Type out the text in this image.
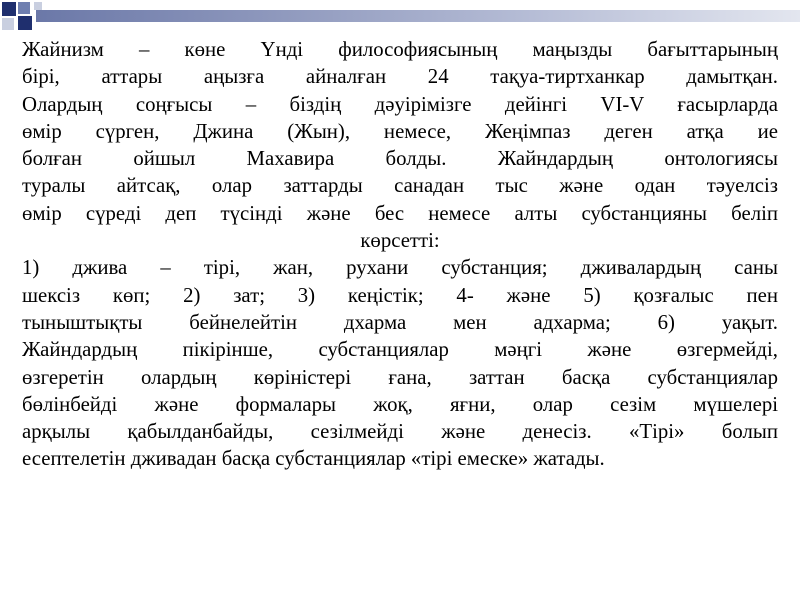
Жайнизм – көне Үнді философиясының маңызды бағыттарының
бірі, аттары аңызға айналған 24 тақуа-тиртханкар дамытқан.
Олардың соңғысы – біздің дәуірімізге дейінгі VI-V ғасырларда
өмір сүрген, Джина (Жын), немесе, Жеңімпаз деген атқа ие
болған ойшыл Махавира болды. Жайндардың онтологиясы
туралы айтсақ, олар заттарды санадан тыс және одан тәуелсіз
өмір сүреді деп түсінді және бес немесе алты субстанцияны беліп
көрсетті:
1) джива – тірі, жан, рухани субстанция; дживалардың саны
шексіз көп; 2) зат; 3) кеңістік; 4- және 5) қозғалыс пен
тыныштықты бейнелейтін дхарма мен адхарма; 6) уақыт.
Жайндардың пікірінше, субстанциялар мәңгі және өзгермейді,
өзгеретін олардың көріністері ғана, заттан басқа субстанциялар
бөлінбейді және формалары жоқ, яғни, олар сезім мүшелері
арқылы қабылданбайды, сезілмейді және денесіз. «Тірі» болып
есептелетін дживадан басқа субстанциялар «тірі емеске» жатады.
